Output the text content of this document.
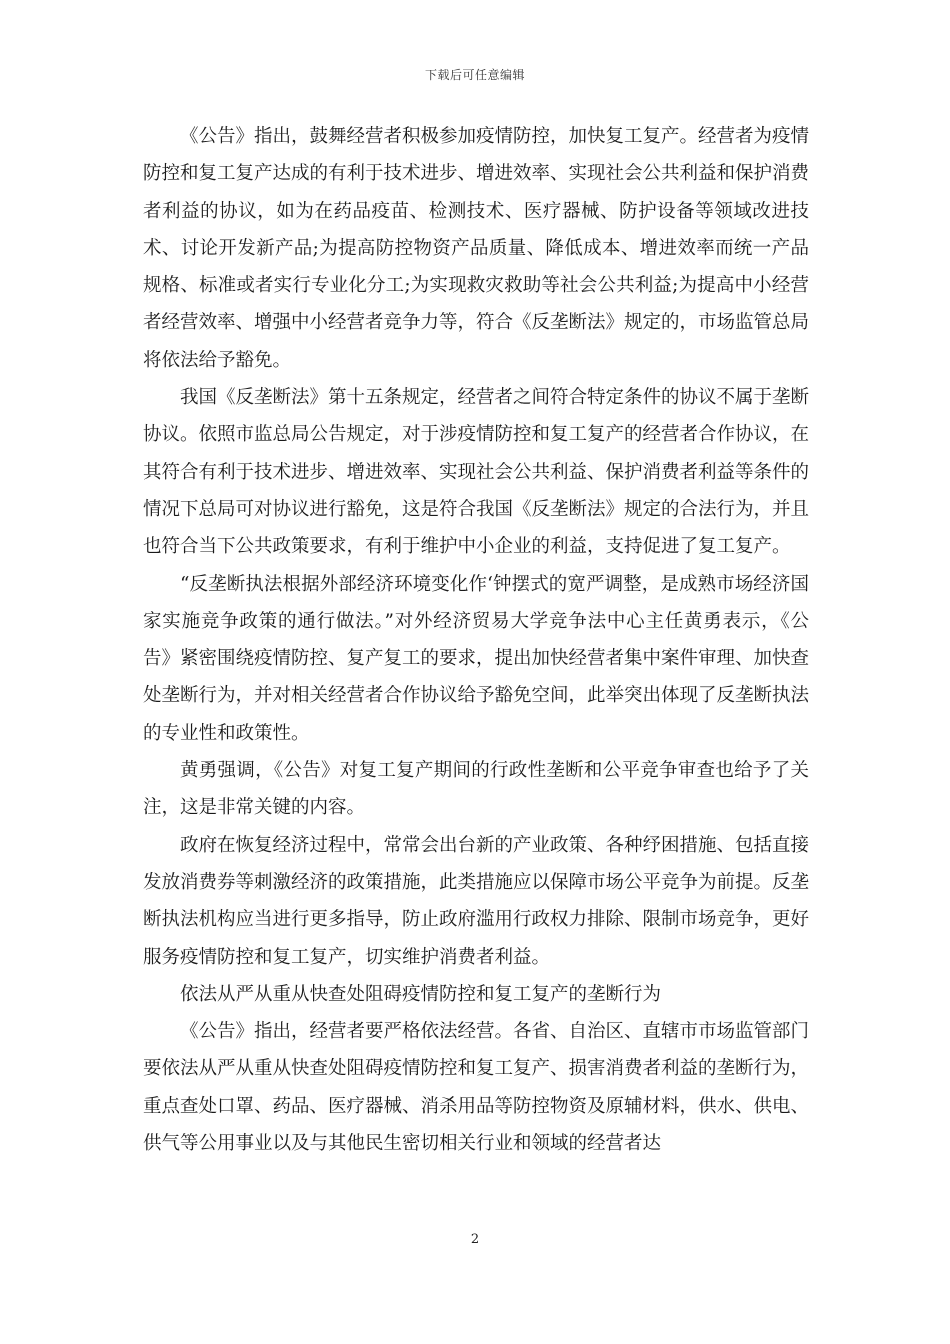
下载后可任意编辑

《公告》指出，鼓舞经营者积极参加疫情防控，加快复工复产。经营者为疫情防控和复工复产达成的有利于技术进步、增进效率、实现社会公共利益和保护消费者利益的协议，如为在药品疫苗、检测技术、医疗器械、防护设备等领域改进技术、讨论开发新产品;为提高防控物资产品质量、降低成本、增进效率而统一产品规格、标准或者实行专业化分工;为实现救灾救助等社会公共利益;为提高中小经营者经营效率、增强中小经营者竞争力等，符合《反垄断法》规定的，市场监管总局将依法给予豁免。

我国《反垄断法》第十五条规定，经营者之间符合特定条件的协议不属于垄断协议。依照市监总局公告规定，对于涉疫情防控和复工复产的经营者合作协议，在其符合有利于技术进步、增进效率、实现社会公共利益、保护消费者利益等条件的情况下总局可对协议进行豁免，这是符合我国《反垄断法》规定的合法行为，并且也符合当下公共政策要求，有利于维护中小企业的利益，支持促进了复工复产。

“反垄断执法根据外部经济环境变化作‘钟摆式的宽严调整，是成熟市场经济国家实施竞争政策的通行做法。”对外经济贸易大学竞争法中心主任黄勇表示，《公告》紧密围绕疫情防控、复产复工的要求，提出加快经营者集中案件审理、加快查处垄断行为，并对相关经营者合作协议给予豁免空间，此举突出体现了反垄断执法的专业性和政策性。

黄勇强调，《公告》对复工复产期间的行政性垄断和公平竞争审查也给予了关注，这是非常关键的内容。

政府在恢复经济过程中，常常会出台新的产业政策、各种纾困措施、包括直接发放消费券等刺激经济的政策措施，此类措施应以保障市场公平竞争为前提。反垄断执法机构应当进行更多指导，防止政府滥用行政权力排除、限制市场竞争，更好服务疫情防控和复工复产，切实维护消费者利益。

依法从严从重从快查处阻碍疫情防控和复工复产的垄断行为

《公告》指出，经营者要严格依法经营。各省、自治区、直辖市市场监管部门要依法从严从重从快查处阻碍疫情防控和复工复产、损害消费者利益的垄断行为，重点查处口罩、药品、医疗器械、消杀用品等防控物资及原辅材料，供水、供电、供气等公用事业以及与其他民生密切相关行业和领域的经营者达

2
